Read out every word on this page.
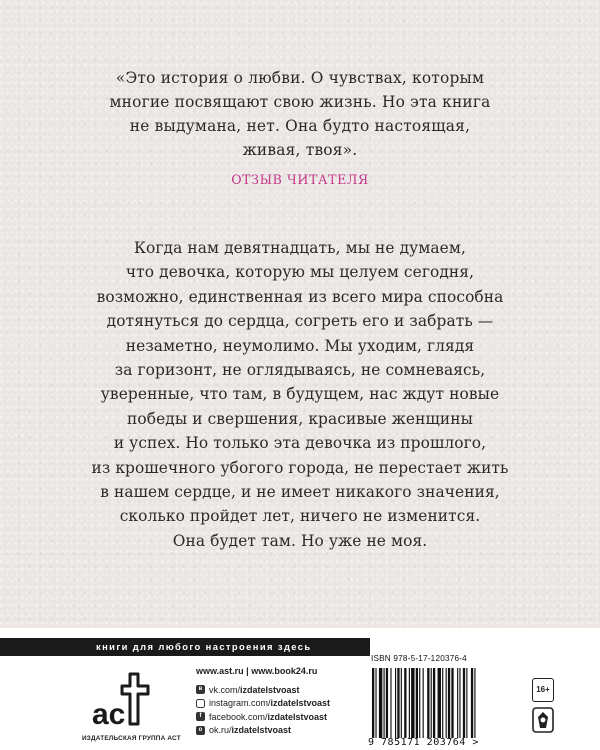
«Это история о любви. О чувствах, которым
многие посвящают свою жизнь. Но эта книга
не выдумана, нет. Она будто настоящая,
живая, твоя».
ОТЗЫВ ЧИТАТЕЛЯ
Когда нам девятнадцать, мы не думаем,
что девочка, которую мы целуем сегодня,
возможно, единственная из всего мира способна
дотянуться до сердца, согреть его и забрать —
незаметно, неумолимо. Мы уходим, глядя
за горизонт, не оглядываясь, не сомневаясь,
уверенные, что там, в будущем, нас ждут новые
победы и свершения, красивые женщины
и успех. Но только эта девочка из прошлого,
из крошечного убогого города, не перестает жить
в нашем сердце, и не имеет никакого значения,
сколько пройдет лет, ничего не изменится.
Она будет там. Но уже не моя.
книги для любого настроения здесь
ac
ИЗДАТЕЛЬСКАЯ ГРУППА АСТ
www.ast.ru | www.book24.ru
в vk.com/izdatelstvoast
instagram.com/izdatelstvoast
f facebook.com/izdatelstvoast
о ok.ru/izdatelstvoast
ISBN 978-5-17-120376-4
9 785171 203764 >
16+
